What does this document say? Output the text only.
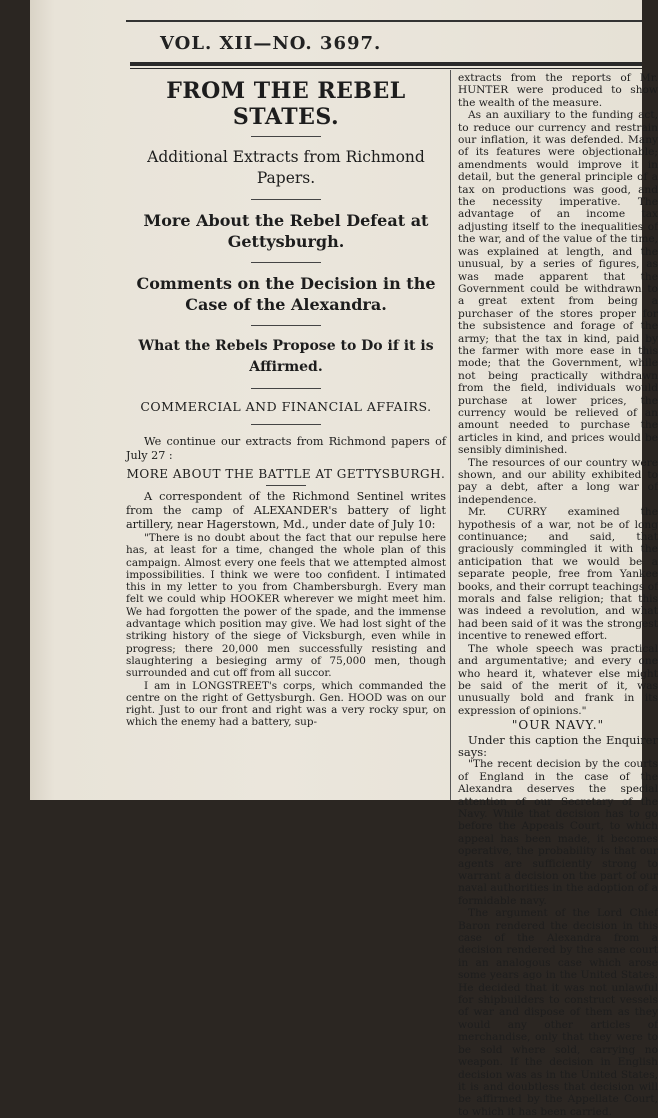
VOL. XII—NO. 3697.
FROM THE REBEL STATES.
Additional Extracts from Richmond Papers.
More About the Rebel Defeat at Gettysburgh.
Comments on the Decision in the Case of the Alexandra.
What the Rebels Propose to Do if it is Affirmed.
COMMERCIAL AND FINANCIAL AFFAIRS.

We continue our extracts from Richmond papers of July 27 :

MORE ABOUT THE BATTLE AT GETTYSBURGH.

A correspondent of the Richmond Sentinel writes from the camp of ALEXANDER's battery of light artillery, near Hagerstown, Md., under date of July 10:

"There is no doubt about the fact that our repulse here has, at least for a time, changed the whole plan of this campaign. Almost every one feels that we attempted almost impossibilities. I think we were too confident. I intimated this in my letter to you from Chambersburgh. Every man felt we could whip HOOKER wherever we might meet him. We had forgotten the power of the spade, and the immense advantage which position may give. We had lost sight of the striking history of the siege of Vicksburgh, even while in progress; there 20,000 men successfully resisting and slaughtering a besieging army of 75,000 men, though surrounded and cut off from all succor.

I am in LONGSTREET's corps, which commanded the centre on the right of Gettysburgh. Gen. HOOD was on our right. Just to our front and right was a very rocky spur, on which the enemy had a battery, sup-

extracts from the reports of Mr. HUNTER were produced to show the wealth of the measure.

As an auxiliary to the funding act, to reduce our currency and restrain our inflation, it was defended. Many of its features were objectionable; amendments would improve it in detail, but the general principle of a tax on productions was good, and the necessity imperative. The advantage of an income tax adjusting itself to the inequalities of the war, and of the value of the time, was explained at length, and the unusual, by a series of figures, as was made apparent that the Government could be withdrawn to a great extent from being a purchaser of the stores proper for the subsistence and forage of the army; that the tax in kind, paid by the farmer with more ease in this mode; that the Government, while not being practically withdrawn from the field, individuals would purchase at lower prices, the currency would be relieved of an amount needed to purchase the articles in kind, and prices would be sensibly diminished.

The resources of our country were shown, and our ability exhibited to pay a debt, after a long war of independence.

Mr. CURRY examined the hypothesis of a war, not be of long continuance; and said, that graciously commingled it with the anticipation that we would be a separate people, free from Yankee books, and their corrupt teachings of morals and false religion; that this was indeed a revolution, and what had been said of it was the strongest incentive to renewed effort.

The whole speech was practical and argumentative; and every one who heard it, whatever else might be said of the merit of it, was unusually bold and frank in its expression of opinions."

"OUR NAVY."

Under this caption the Enquirer says:

"The recent decision by the courts of England in the case of the Alexandra deserves the special attention of our Secretary of the Navy. While that decision has to go before the Appeals Court, to which appeal has been made, it becomes operative, the probability is that our agents are sufficiently strong to warrant a decision on the part of our naval authorities in the adoption of a formidable navy.

The argument of the Lord Chief Baron rendered the decision in this case of the Alexandra from a decision rendered by the same court in an analogous case which arose some years ago in the United States. He decided that it was not unlawful for shipbuilders to construct vessels of war and dispose of them as they would any other articles of merchandise, only that they were to be sold where sold, carrying no weapon. If the decision in English decision was as in the United States, it is and doubtless that decision will be affirmed by the Appellate Court, to which it has been carried.
